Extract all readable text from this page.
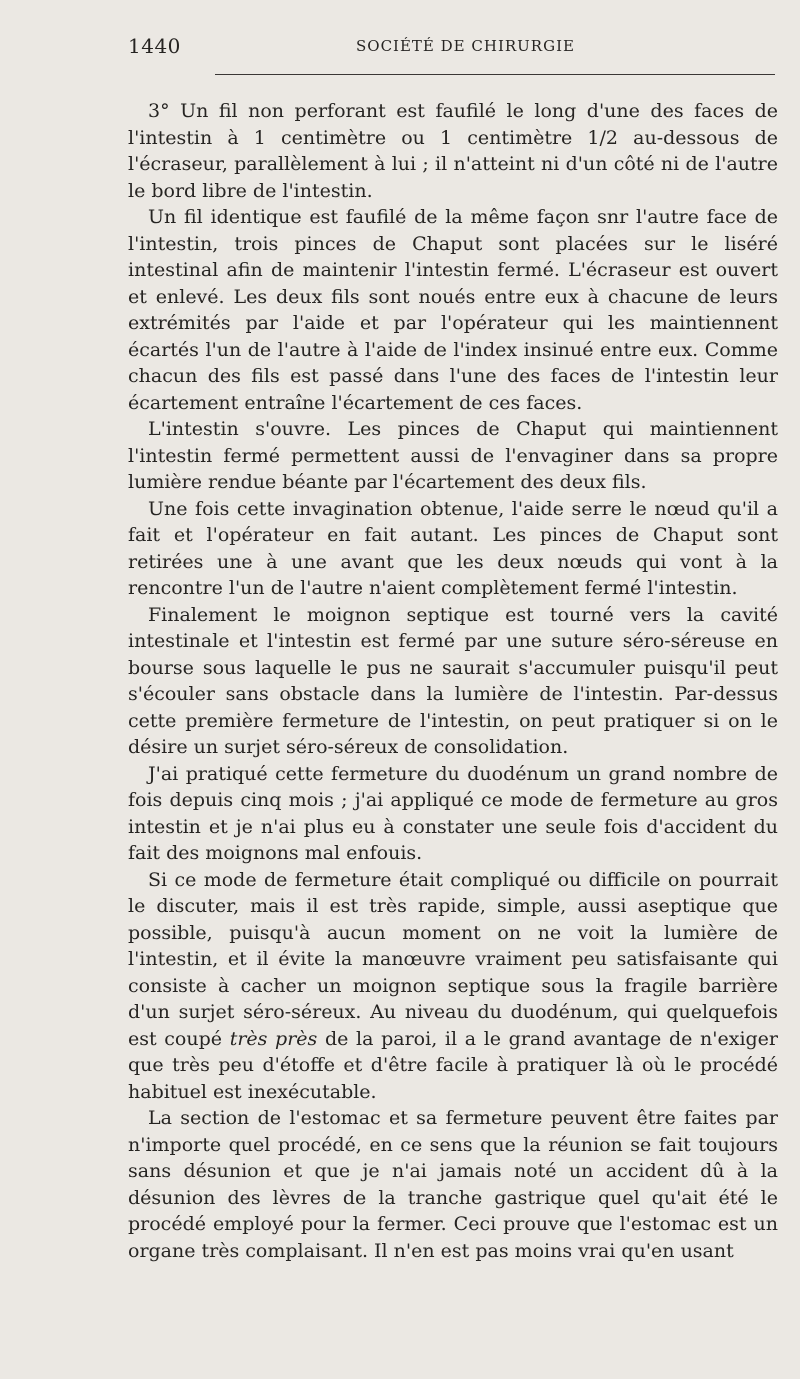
1440	SOCIÉTÉ DE CHIRURGIE

3° Un fil non perforant est faufilé le long d'une des faces de l'intestin à 1 centimètre ou 1 centimètre 1/2 au-dessous de l'écraseur, parallèlement à lui ; il n'atteint ni d'un côté ni de l'autre le bord libre de l'intestin.

Un fil identique est faufilé de la même façon snr l'autre face de l'intestin, trois pinces de Chaput sont placées sur le liséré intestinal afin de maintenir l'intestin fermé. L'écraseur est ouvert et enlevé. Les deux fils sont noués entre eux à chacune de leurs extrémités par l'aide et par l'opérateur qui les maintiennent écartés l'un de l'autre à l'aide de l'index insinué entre eux. Comme chacun des fils est passé dans l'une des faces de l'intestin leur écartement entraîne l'écartement de ces faces.

L'intestin s'ouvre. Les pinces de Chaput qui maintiennent l'intestin fermé permettent aussi de l'envaginer dans sa propre lumière rendue béante par l'écartement des deux fils.

Une fois cette invagination obtenue, l'aide serre le nœud qu'il a fait et l'opérateur en fait autant. Les pinces de Chaput sont retirées une à une avant que les deux nœuds qui vont à la rencontre l'un de l'autre n'aient complètement fermé l'intestin.

Finalement le moignon septique est tourné vers la cavité intestinale et l'intestin est fermé par une suture séro-séreuse en bourse sous laquelle le pus ne saurait s'accumuler puisqu'il peut s'écouler sans obstacle dans la lumière de l'intestin. Par-dessus cette première fermeture de l'intestin, on peut pratiquer si on le désire un surjet séro-séreux de consolidation.

J'ai pratiqué cette fermeture du duodénum un grand nombre de fois depuis cinq mois ; j'ai appliqué ce mode de fermeture au gros intestin et je n'ai plus eu à constater une seule fois d'accident du fait des moignons mal enfouis.

Si ce mode de fermeture était compliqué ou difficile on pourrait le discuter, mais il est très rapide, simple, aussi aseptique que possible, puisqu'à aucun moment on ne voit la lumière de l'intestin, et il évite la manœuvre vraiment peu satisfaisante qui consiste à cacher un moignon septique sous la fragile barrière d'un surjet séro-séreux. Au niveau du duodénum, qui quelquefois est coupé très près de la paroi, il a le grand avantage de n'exiger que très peu d'étoffe et d'être facile à pratiquer là où le procédé habituel est inexécutable.

La section de l'estomac et sa fermeture peuvent être faites par n'importe quel procédé, en ce sens que la réunion se fait toujours sans désunion et que je n'ai jamais noté un accident dû à la désunion des lèvres de la tranche gastrique quel qu'ait été le procédé employé pour la fermer. Ceci prouve que l'estomac est un organe très complaisant. Il n'en est pas moins vrai qu'en usant
